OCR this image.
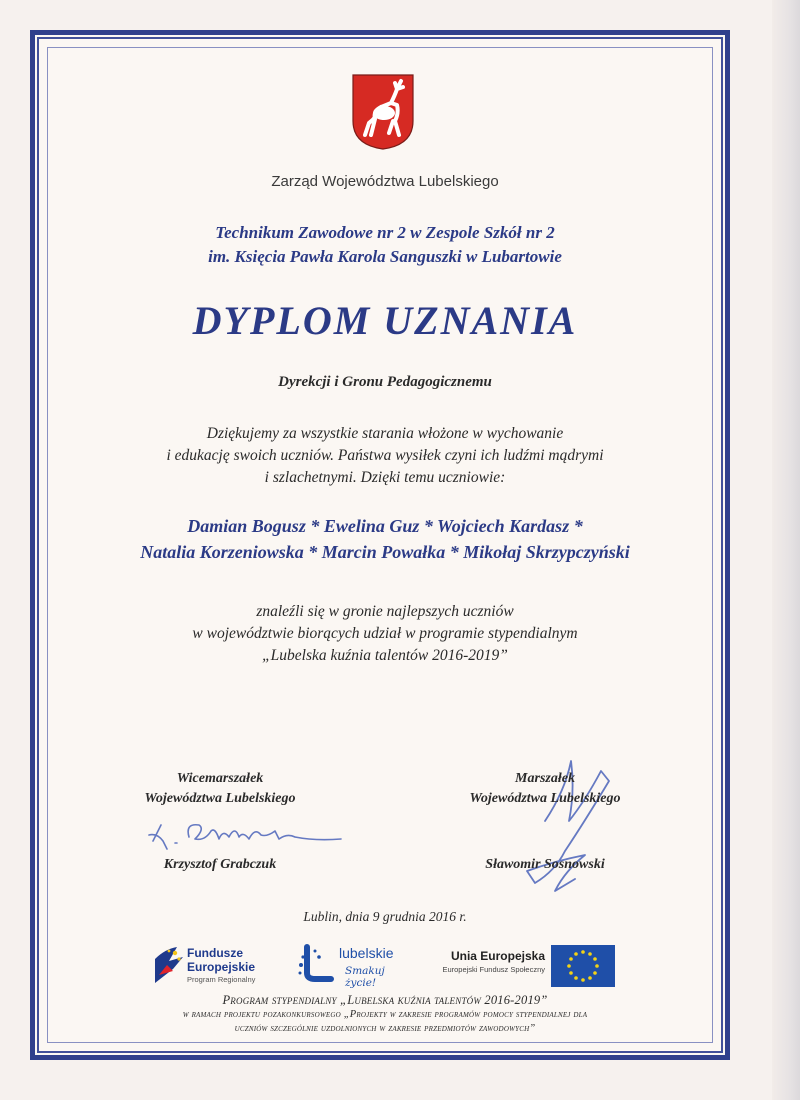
Zarząd Województwa Lubelskiego
Technikum Zawodowe nr 2 w Zespole Szkół nr 2
im. Księcia Pawła Karola Sanguszki w Lubartowie
DYPLOM UZNANIA
Dyrekcji i Gronu Pedagogicznemu
Dziękujemy za wszystkie starania włożone w wychowanie
i edukację swoich uczniów. Państwa wysiłek czyni ich ludźmi mądrymi
i szlachetnymi. Dzięki temu uczniowie:
Damian Bogusz * Ewelina Guz * Wojciech Kardasz *
Natalia Korzeniowska * Marcin Powałka * Mikołaj Skrzypczyński
znaleźli się w gronie najlepszych uczniów
w województwie biorących udział w programie stypendialnym
„Lubelska kuźnia talentów 2016-2019”
Wicemarszałek
Województwa Lubelskiego
Krzysztof Grabczuk
Marszałek
Województwa Lubelskiego
Sławomir Sosnowski
Lublin, dnia 9 grudnia 2016 r.
Fundusze
Europejskie
Program Regionalny
lubelskie
Smakuj życie!
Unia Europejska
Europejski Fundusz Społeczny
Program stypendialny „Lubelska kuźnia talentów 2016-2019”
w ramach projektu pozakonkursowego „Projekty w zakresie programów pomocy stypendialnej dla
uczniów szczególnie uzdolnionych w zakresie przedmiotów zawodowych”
